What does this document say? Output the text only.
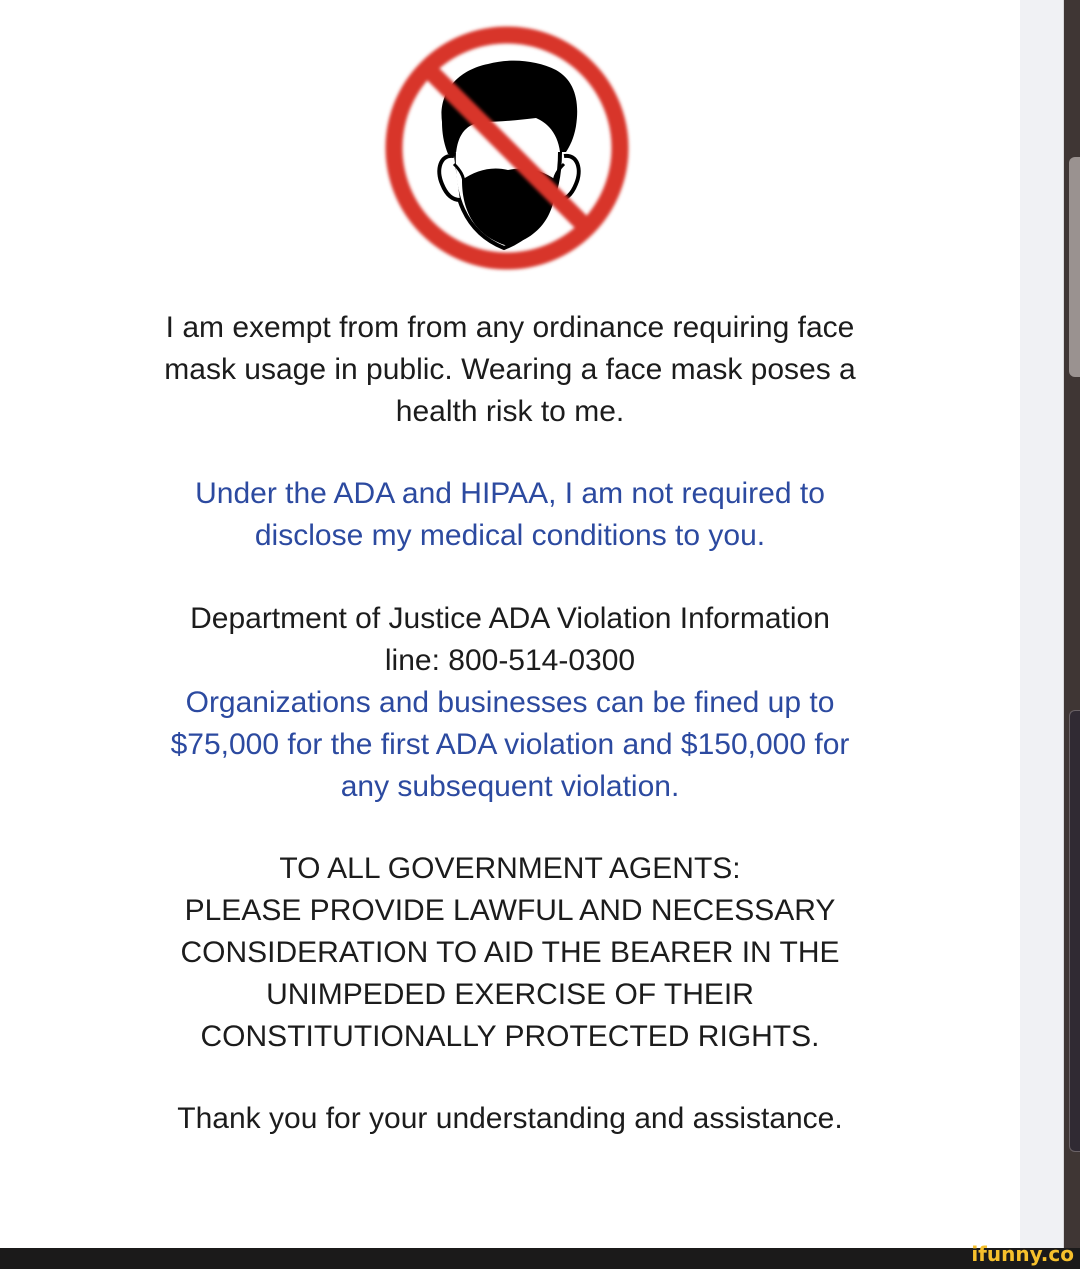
I am exempt from from any ordinance requiring face
mask usage in public. Wearing a face mask poses a
health risk to me.
Under the ADA and HIPAA, I am not required to
disclose my medical conditions to you.
Department of Justice ADA Violation Information
line: 800-514-0300
Organizations and businesses can be fined up to
$75,000 for the first ADA violation and $150,000 for
any subsequent violation.
TO ALL GOVERNMENT AGENTS:
PLEASE PROVIDE LAWFUL AND NECESSARY
CONSIDERATION TO AID THE BEARER IN THE
UNIMPEDED EXERCISE OF THEIR
CONSTITUTIONALLY PROTECTED RIGHTS.
Thank you for your understanding and assistance.
ifunny.co
